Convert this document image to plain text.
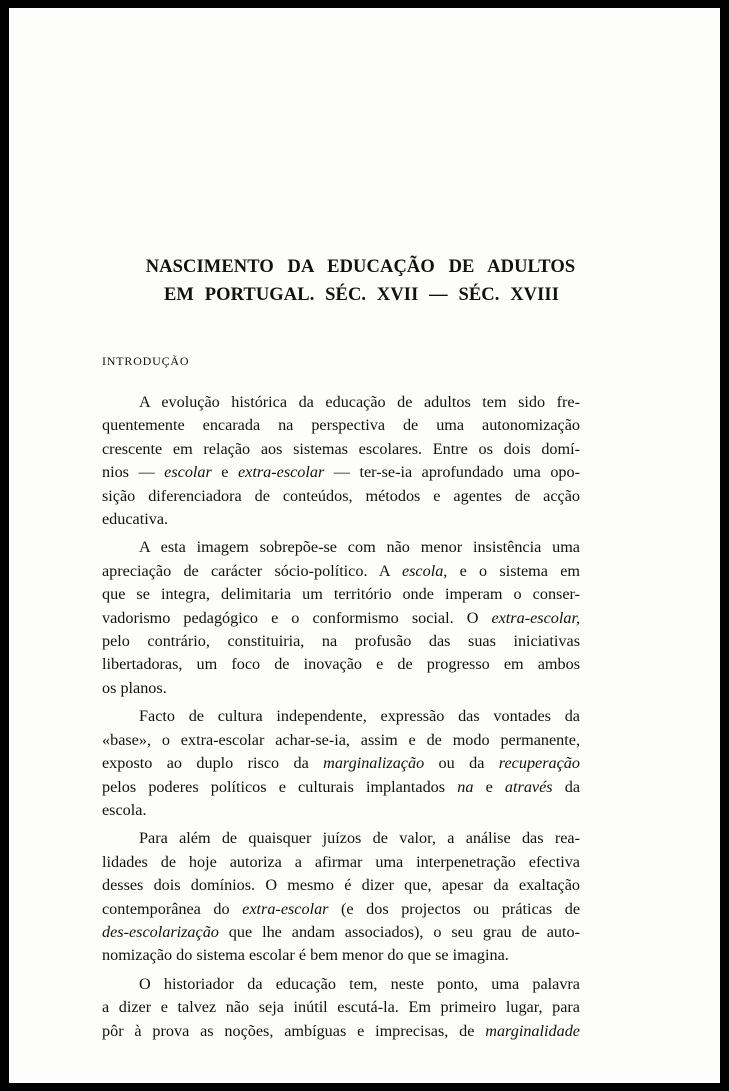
NASCIMENTO DA EDUCAÇÃO DE ADULTOS
EM PORTUGAL. SÉC. XVII — SÉC. XVIII

INTRODUÇÃO

A evolução histórica da educação de adultos tem sido fre-
quentemente encarada na perspectiva de uma autonomização
crescente em relação aos sistemas escolares. Entre os dois domí-
nios — escolar e extra-escolar — ter-se-ia aprofundado uma opo-
sição diferenciadora de conteúdos, métodos e agentes de acção
educativa.
A esta imagem sobrepõe-se com não menor insistência uma
apreciação de carácter sócio-político. A escola, e o sistema em
que se integra, delimitaria um território onde imperam o conser-
vadorismo pedagógico e o conformismo social. O extra-escolar,
pelo contrário, constituiria, na profusão das suas iniciativas
libertadoras, um foco de inovação e de progresso em ambos
os planos.
Facto de cultura independente, expressão das vontades da
«base», o extra-escolar achar-se-ia, assim e de modo permanente,
exposto ao duplo risco da marginalização ou da recuperação
pelos poderes políticos e culturais implantados na e através da
escola.
Para além de quaisquer juízos de valor, a análise das rea-
lidades de hoje autoriza a afirmar uma interpenetração efectiva
desses dois domínios. O mesmo é dizer que, apesar da exaltação
contemporânea do extra-escolar (e dos projectos ou práticas de
des-escolarização que lhe andam associados), o seu grau de auto-
nomização do sistema escolar é bem menor do que se imagina.
O historiador da educação tem, neste ponto, uma palavra
a dizer e talvez não seja inútil escutá-la. Em primeiro lugar, para
pôr à prova as noções, ambíguas e imprecisas, de marginalidade
